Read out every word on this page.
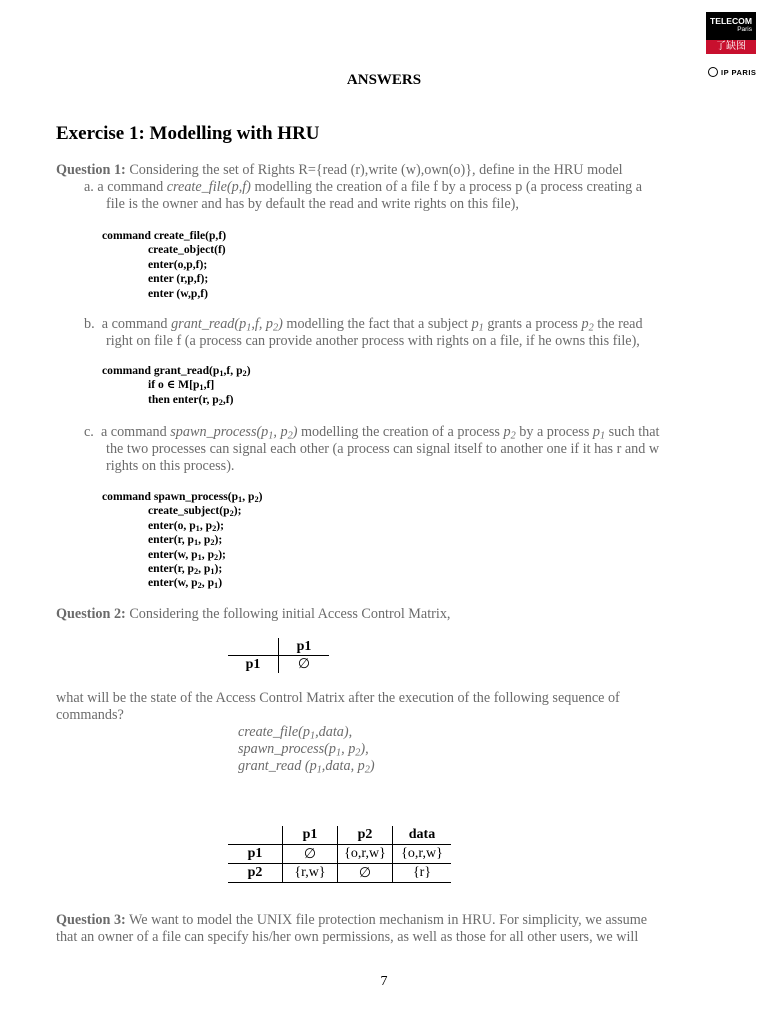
TELECOM
Paris
了缺图
IP PARIS
ANSWERS
Exercise 1: Modelling with HRU
Question 1: Considering the set of Rights R={read (r),write (w),own(o)}, define in the HRU model
a. a command create_file(p,f) modelling the creation of a file f by a process p (a process creating a
file is the owner and has by default the read and write rights on this file),
command create_file(p,f)
create_object(f)
enter(o,p,f);
enter (r,p,f);
enter (w,p,f)
b.  a command $grant\_read(p_1,f$, $p_2$) modelling the fact that a subject $p_1$ grants a process $p_2$ the read
right on file f (a process can provide another process with rights on a file, if he owns this file),
command $grant\_read(p_1,f$, $p_2$)
if o ∈ $M[p_1,f]$
then enter(r, $p_2,f$)
c.  a command $spawn\_process(p_1$, $p_2$) modelling the creation of a process $p_2$ by a process $p_1$ such that
the two processes can signal each other (a process can signal itself to another one if it has r and w
rights on this process).
command $spawn\_process(p_1$, $p_2$)
$create\_subject(p_2)$;
enter(o, $p_1$, $p_2$);
enter(r, $p_1$, $p_2$);
enter(w, $p_1$, $p_2$);
enter(r, $p_2$, $p_1$);
enter(w, $p_2$, $p_1$)
Question 2: Considering the following initial Access Control Matrix,
	p1
p1	∅
what will be the state of the Access Control Matrix after the execution of the following sequence of
commands?
$create\_file(p_1,data)$,
$spawn\_process(p_1$, $p_2$),
grant_read ($p_1,data$, $p_2$)
	p1	p2	data
p1	∅	{o,r,w}	{o,r,w}
p2	{r,w}	∅	{r}
Question 3: We want to model the UNIX file protection mechanism in HRU. For simplicity, we assume
that an owner of a file can specify his/her own permissions, as well as those for all other users, we will
7
